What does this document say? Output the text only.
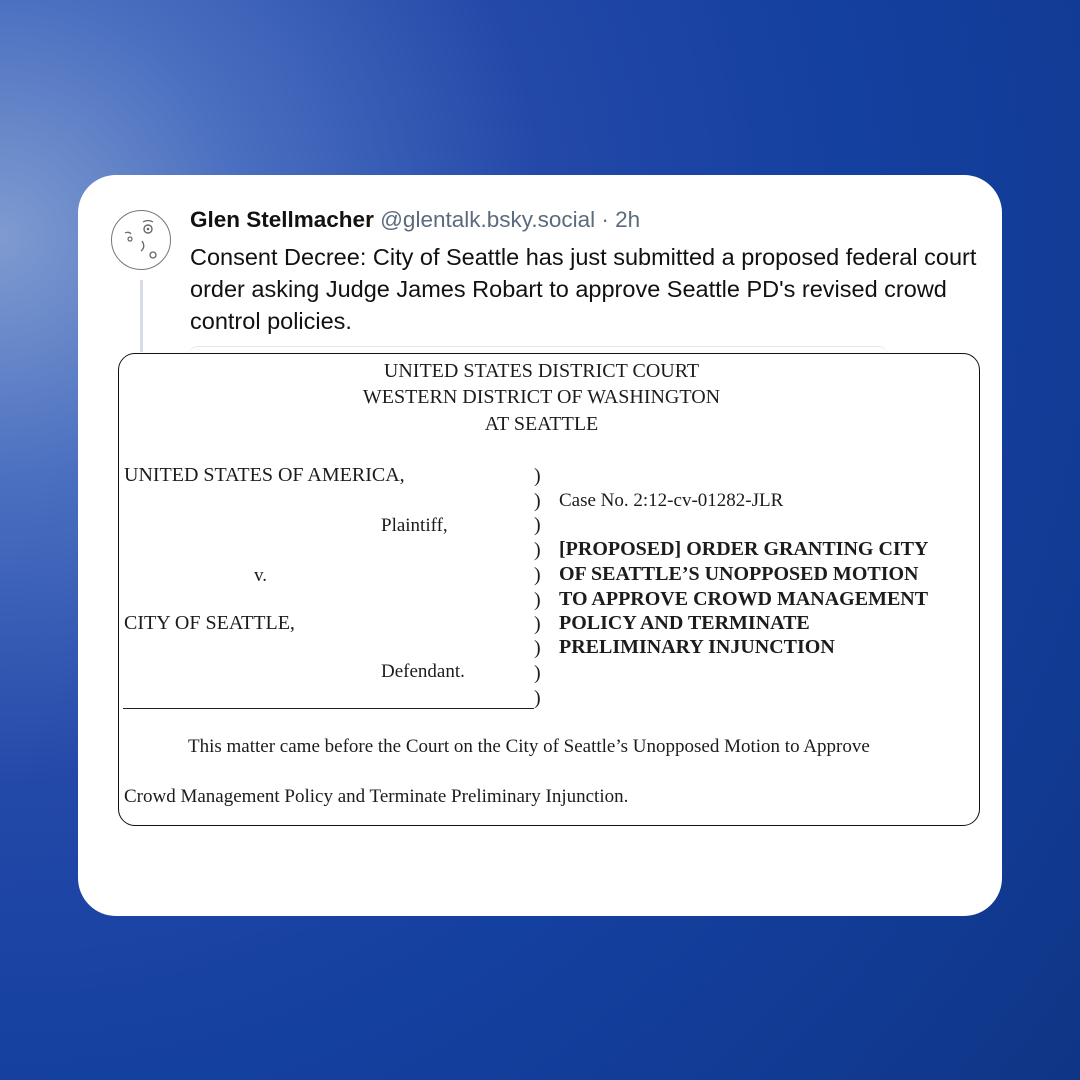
Glen Stellmacher @glentalk.bsky.social · 2h

Consent Decree: City of Seattle has just submitted a proposed federal court order asking Judge James Robart to approve Seattle PD's revised crowd control policies.

UNITED STATES DISTRICT COURT
WESTERN DISTRICT OF WASHINGTON
AT SEATTLE
UNITED STATES OF AMERICA,
Plaintiff,
v.
CITY OF SEATTLE,
Defendant.
)
)
)
)
)
)
)
)
)
)
Case No. 2:12-cv-01282-JLR
[PROPOSED] ORDER GRANTING CITY
OF SEATTLE’S UNOPPOSED MOTION
TO APPROVE CROWD MANAGEMENT
POLICY AND TERMINATE
PRELIMINARY INJUNCTION
This matter came before the Court on the City of Seattle’s Unopposed Motion to Approve
Crowd Management Policy and Terminate Preliminary Injunction.
